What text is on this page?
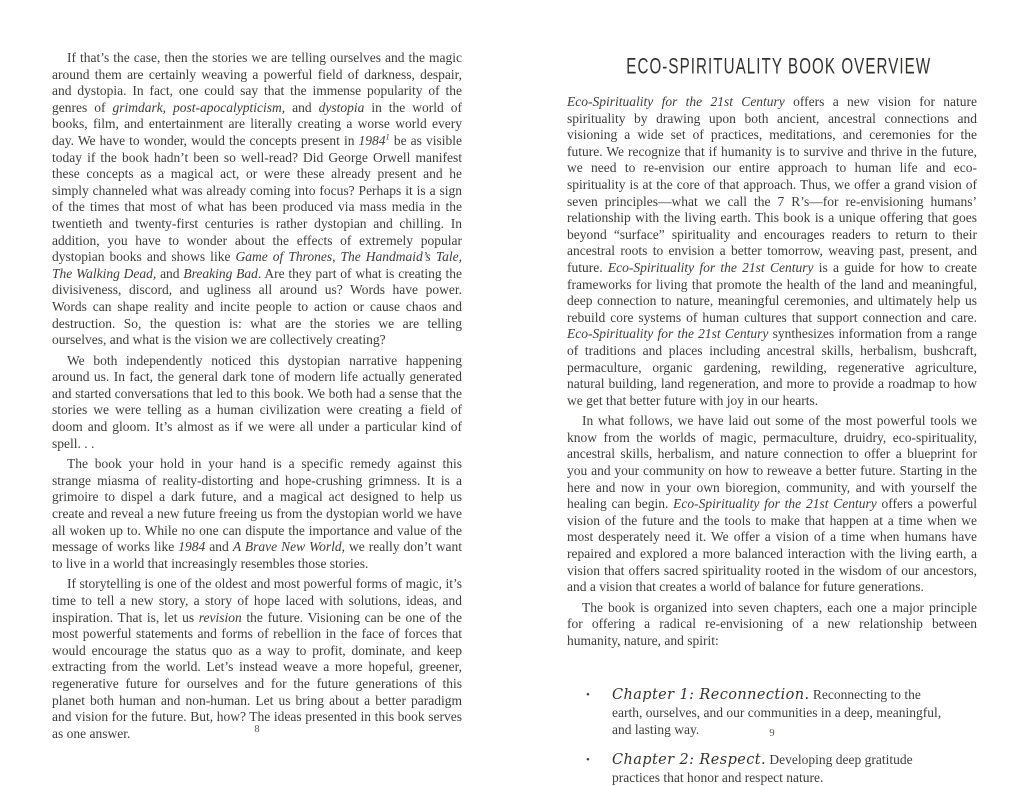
If that’s the case, then the stories we are telling ourselves and the magic around them are certainly weaving a powerful field of darkness, despair, and dystopia. In fact, one could say that the immense popularity of the genres of grimdark, post-apocalypticism, and dystopia in the world of books, film, and entertainment are literally creating a worse world every day. We have to wonder, would the concepts present in 1984$^1$ be as visible today if the book hadn’t been so well-read? Did George Orwell manifest these concepts as a magical act, or were these already present and he simply channeled what was already coming into focus? Perhaps it is a sign of the times that most of what has been produced via mass media in the twentieth and twenty-first centuries is rather dystopian and chilling. In addition, you have to wonder about the effects of extremely popular dystopian books and shows like Game of Thrones, The Handmaid’s Tale, The Walking Dead, and Breaking Bad. Are they part of what is creating the divisiveness, discord, and ugliness all around us? Words have power. Words can shape reality and incite people to action or cause chaos and destruction. So, the question is: what are the stories we are telling ourselves, and what is the vision we are collectively creating?

We both independently noticed this dystopian narrative happening around us. In fact, the general dark tone of modern life actually generated and started conversations that led to this book. We both had a sense that the stories we were telling as a human civilization were creating a field of doom and gloom. It’s almost as if we were all under a particular kind of spell. . .

The book your hold in your hand is a specific remedy against this strange miasma of reality-distorting and hope-crushing grimness. It is a grimoire to dispel a dark future, and a magical act designed to help us create and reveal a new future freeing us from the dystopian world we have all woken up to. While no one can dispute the importance and value of the message of works like 1984 and A Brave New World, we really don’t want to live in a world that increasingly resembles those stories.

If storytelling is one of the oldest and most powerful forms of magic, it’s time to tell a new story, a story of hope laced with solutions, ideas, and inspiration. That is, let us revision the future. Visioning can be one of the most powerful statements and forms of rebellion in the face of forces that would encourage the status quo as a way to profit, dominate, and keep extracting from the world. Let’s instead weave a more hopeful, greener, regenerative future for ourselves and for the future generations of this planet both human and non-human. Let us bring about a better paradigm and vision for the future. But, how? The ideas presented in this book serves as one answer.	8
ECO-SPIRITUALITY BOOK OVERVIEW

Eco-Spirituality for the 21st Century offers a new vision for nature spirituality by drawing upon both ancient, ancestral connections and visioning a wide set of practices, meditations, and ceremonies for the future. We recognize that if humanity is to survive and thrive in the future, we need to re-envision our entire approach to human life and eco-spirituality is at the core of that approach. Thus, we offer a grand vision of seven principles—what we call the 7 R’s—for re-envisioning humans’ relationship with the living earth. This book is a unique offering that goes beyond “surface” spirituality and encourages readers to return to their ancestral roots to envision a better tomorrow, weaving past, present, and future. Eco-Spirituality for the 21st Century is a guide for how to create frameworks for living that promote the health of the land and meaningful, deep connection to nature, meaningful ceremonies, and ultimately help us rebuild core systems of human cultures that support connection and care. Eco-Spirituality for the 21st Century synthesizes information from a range of traditions and places including ancestral skills, herbalism, bushcraft, permaculture, organic gardening, rewilding, regenerative agriculture, natural building, land regeneration, and more to provide a roadmap to how we get that better future with joy in our hearts.

In what follows, we have laid out some of the most powerful tools we know from the worlds of magic, permaculture, druidry, eco-spirituality, ancestral skills, herbalism, and nature connection to offer a blueprint for you and your community on how to reweave a better future. Starting in the here and now in your own bioregion, community, and with yourself the healing can begin. Eco-Spirituality for the 21st Century offers a powerful vision of the future and the tools to make that happen at a time when we most desperately need it. We offer a vision of a time when humans have repaired and explored a more balanced interaction with the living earth, a vision that offers sacred spirituality rooted in the wisdom of our ancestors, and a vision that creates a world of balance for future generations.

The book is organized into seven chapters, each one a major principle for offering a radical re-envisioning of a new relationship between humanity, nature, and spirit:

• Chapter 1: Reconnection. Reconnecting to the earth, ourselves, and our communities in a deep, meaningful, and lasting way.
• Chapter 2: Respect. Developing deep gratitude practices that honor and respect nature.
9
